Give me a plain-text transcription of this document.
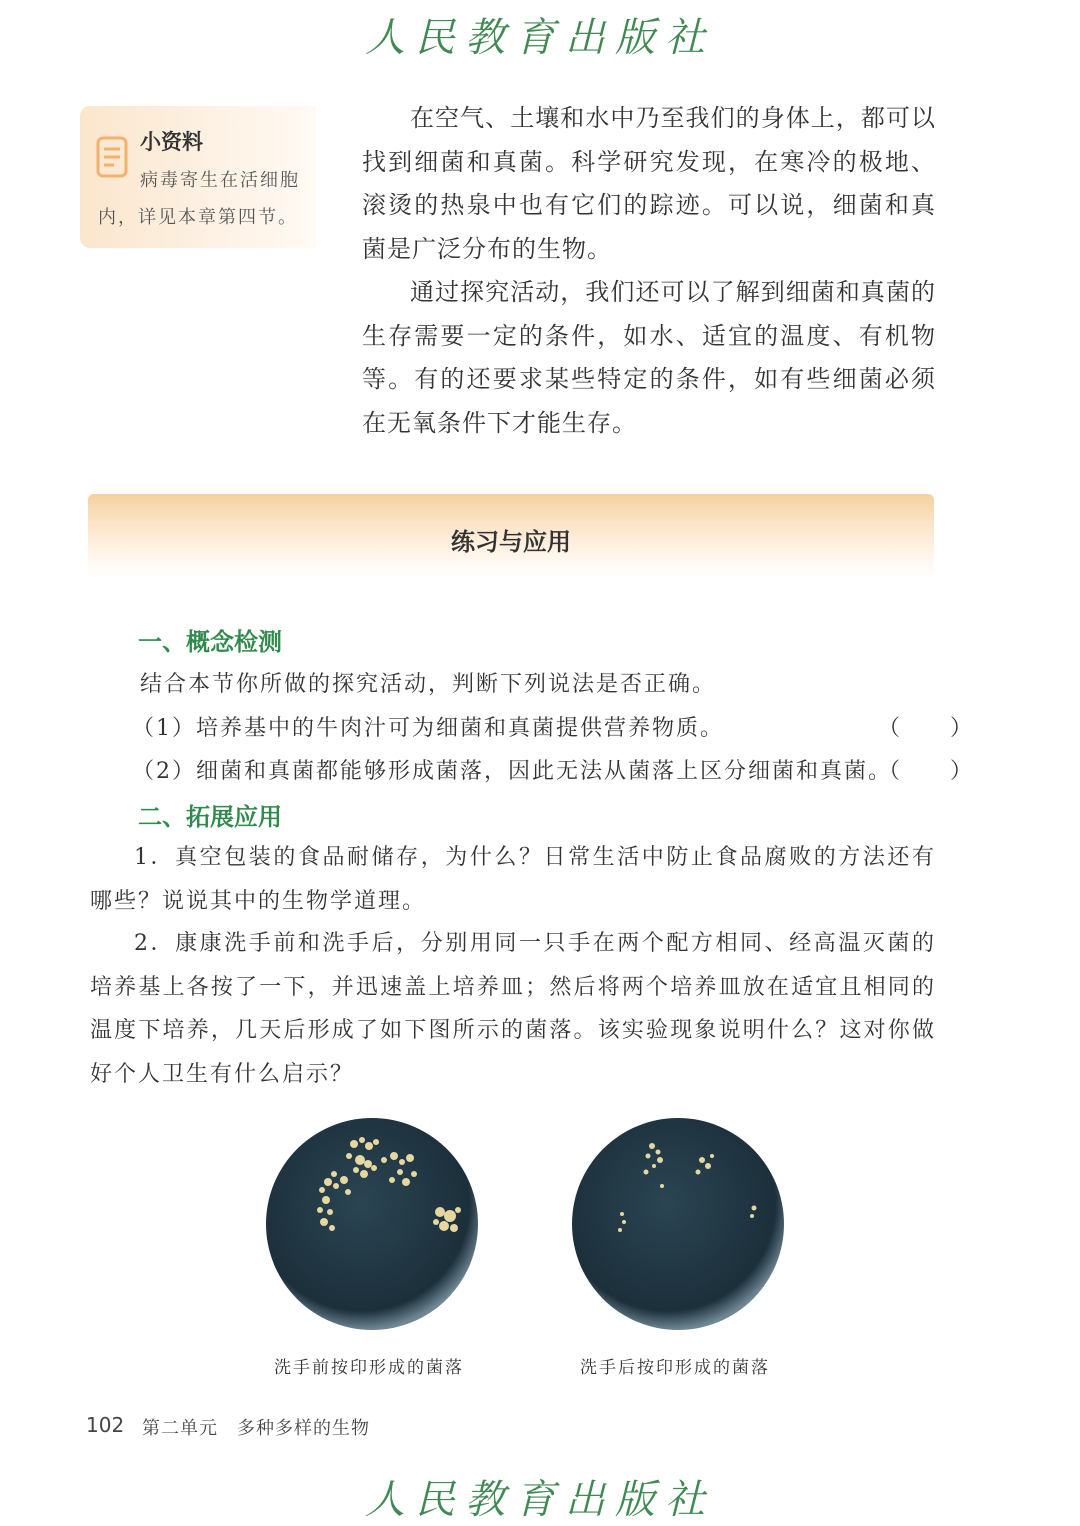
人民教育出版社
小资料
病毒寄生在活细胞
内，详见本章第四节。
在空气、土壤和水中乃至我们的身体上，都可以找到细菌和真菌。科学研究发现，在寒冷的极地、滚烫的热泉中也有它们的踪迹。可以说，细菌和真菌是广泛分布的生物。
通过探究活动，我们还可以了解到细菌和真菌的生存需要一定的条件，如水、适宜的温度、有机物等。有的还要求某些特定的条件，如有些细菌必须在无氧条件下才能生存。
练习与应用
一、概念检测
结合本节你所做的探究活动，判断下列说法是否正确。
（1）培养基中的牛肉汁可为细菌和真菌提供营养物质。	（　　）
（2）细菌和真菌都能够形成菌落，因此无法从菌落上区分细菌和真菌。
（　　）
二、拓展应用
1．真空包装的食品耐储存，为什么？日常生活中防止食品腐败的方法还有哪些？说说其中的生物学道理。
2．康康洗手前和洗手后，分别用同一只手在两个配方相同、经高温灭菌的培养基上各按了一下，并迅速盖上培养皿；然后将两个培养皿放在适宜且相同的温度下培养，几天后形成了如下图所示的菌落。该实验现象说明什么？这对你做好个人卫生有什么启示？
洗手前按印形成的菌落	洗手后按印形成的菌落
102 第二单元　多种多样的生物
人民教育出版社
